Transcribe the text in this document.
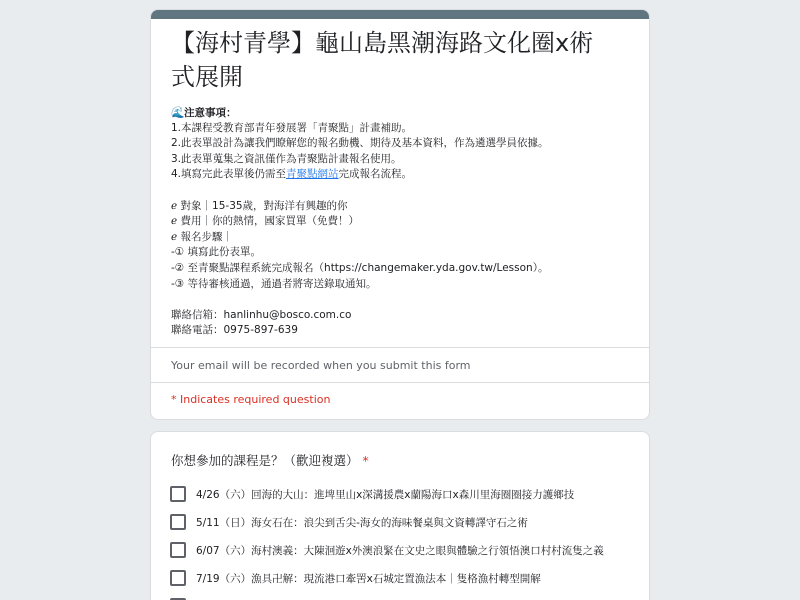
【海村青學】龜山島黑潮海路文化圈x術
式展開
🌊注意事項：
1.本課程受教育部青年發展署「青聚點」計畫補助。
2.此表單設計為讓我們瞭解您的報名動機、期待及基本資料，作為遴選學員依據。
3.此表單蒐集之資訊僅作為青聚點計畫報名使用。
4.填寫完此表單後仍需至青聚點網站完成報名流程。
ℯ 對象｜15-35歲，對海洋有興趣的你
ℯ 費用｜你的熱情，國家買單（免費！）
ℯ 報名步驟｜
-① 填寫此份表單。
-② 至青聚點課程系統完成報名（https://changemaker.yda.gov.tw/Lesson）。
-③ 等待審核通過，通過者將寄送錄取通知。
聯絡信箱：hanlinhu@bosco.com.co
聯絡電話：0975-897-639
Your email will be recorded when you submit this form
* Indicates required question
你想參加的課程是？（歡迎複選） *
4/26（六）回海的大山：進埤里山x深溝援農x蘭陽海口x森川里海圈圈接力護鄉技
5/11（日）海女石在：浪尖到舌尖-海女的海味餐桌與文資轉譯守石之術
6/07（六）海村澳義：大陳洄遊x外澳浪緊在文史之眼與體驗之行領悟澳口村村流隻之義
7/19（六）漁具卍解：現流港口牽罟x石城定置漁法本｜隻格漁村轉型開解
